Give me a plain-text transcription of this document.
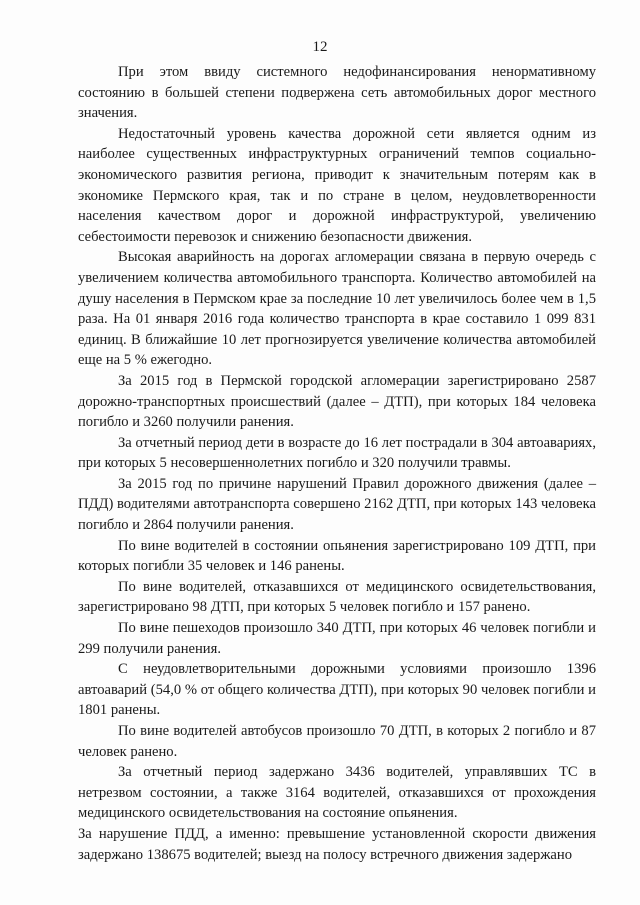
12

При этом ввиду системного недофинансирования ненормативному состоянию в большей степени подвержена сеть автомобильных дорог местного значения.

Недостаточный уровень качества дорожной сети является одним из наиболее существенных инфраструктурных ограничений темпов социально-экономического развития региона, приводит к значительным потерям как в экономике Пермского края, так и по стране в целом, неудовлетворенности населения качеством дорог и дорожной инфраструктурой, увеличению себестоимости перевозок и снижению безопасности движения.

Высокая аварийность на дорогах агломерации связана в первую очередь с увеличением количества автомобильного транспорта. Количество автомобилей на душу населения в Пермском крае за последние 10 лет увеличилось более чем в 1,5 раза. На 01 января 2016 года количество транспорта в крае составило 1 099 831 единиц. В ближайшие 10 лет прогнозируется увеличение количества автомобилей еще на 5 % ежегодно.

За 2015 год в Пермской городской агломерации зарегистрировано 2587 дорожно-транспортных происшествий (далее – ДТП), при которых 184 человека погибло и 3260 получили ранения.

За отчетный период дети в возрасте до 16 лет пострадали в 304 автоавариях, при которых 5 несовершеннолетних погибло и 320 получили травмы.

За 2015 год по причине нарушений Правил дорожного движения (далее – ПДД) водителями автотранспорта совершено 2162 ДТП, при которых 143 человека погибло и 2864 получили ранения.

По вине водителей в состоянии опьянения зарегистрировано 109 ДТП, при которых погибли 35 человек и 146 ранены.

По вине водителей, отказавшихся от медицинского освидетельствования, зарегистрировано 98 ДТП, при которых 5 человек погибло и 157 ранено.

По вине пешеходов произошло 340 ДТП, при которых 46 человек погибли и 299 получили ранения.

С неудовлетворительными дорожными условиями произошло 1396 автоаварий (54,0 % от общего количества ДТП), при которых 90 человек погибли и 1801 ранены.

По вине водителей автобусов произошло 70 ДТП, в которых 2 погибло и 87 человек ранено.

За отчетный период задержано 3436 водителей, управлявших ТС в нетрезвом состоянии, а также 3164 водителей, отказавшихся от прохождения медицинского освидетельствования на состояние опьянения.

За нарушение ПДД, а именно: превышение установленной скорости движения задержано 138675 водителей; выезд на полосу встречного движения задержано
